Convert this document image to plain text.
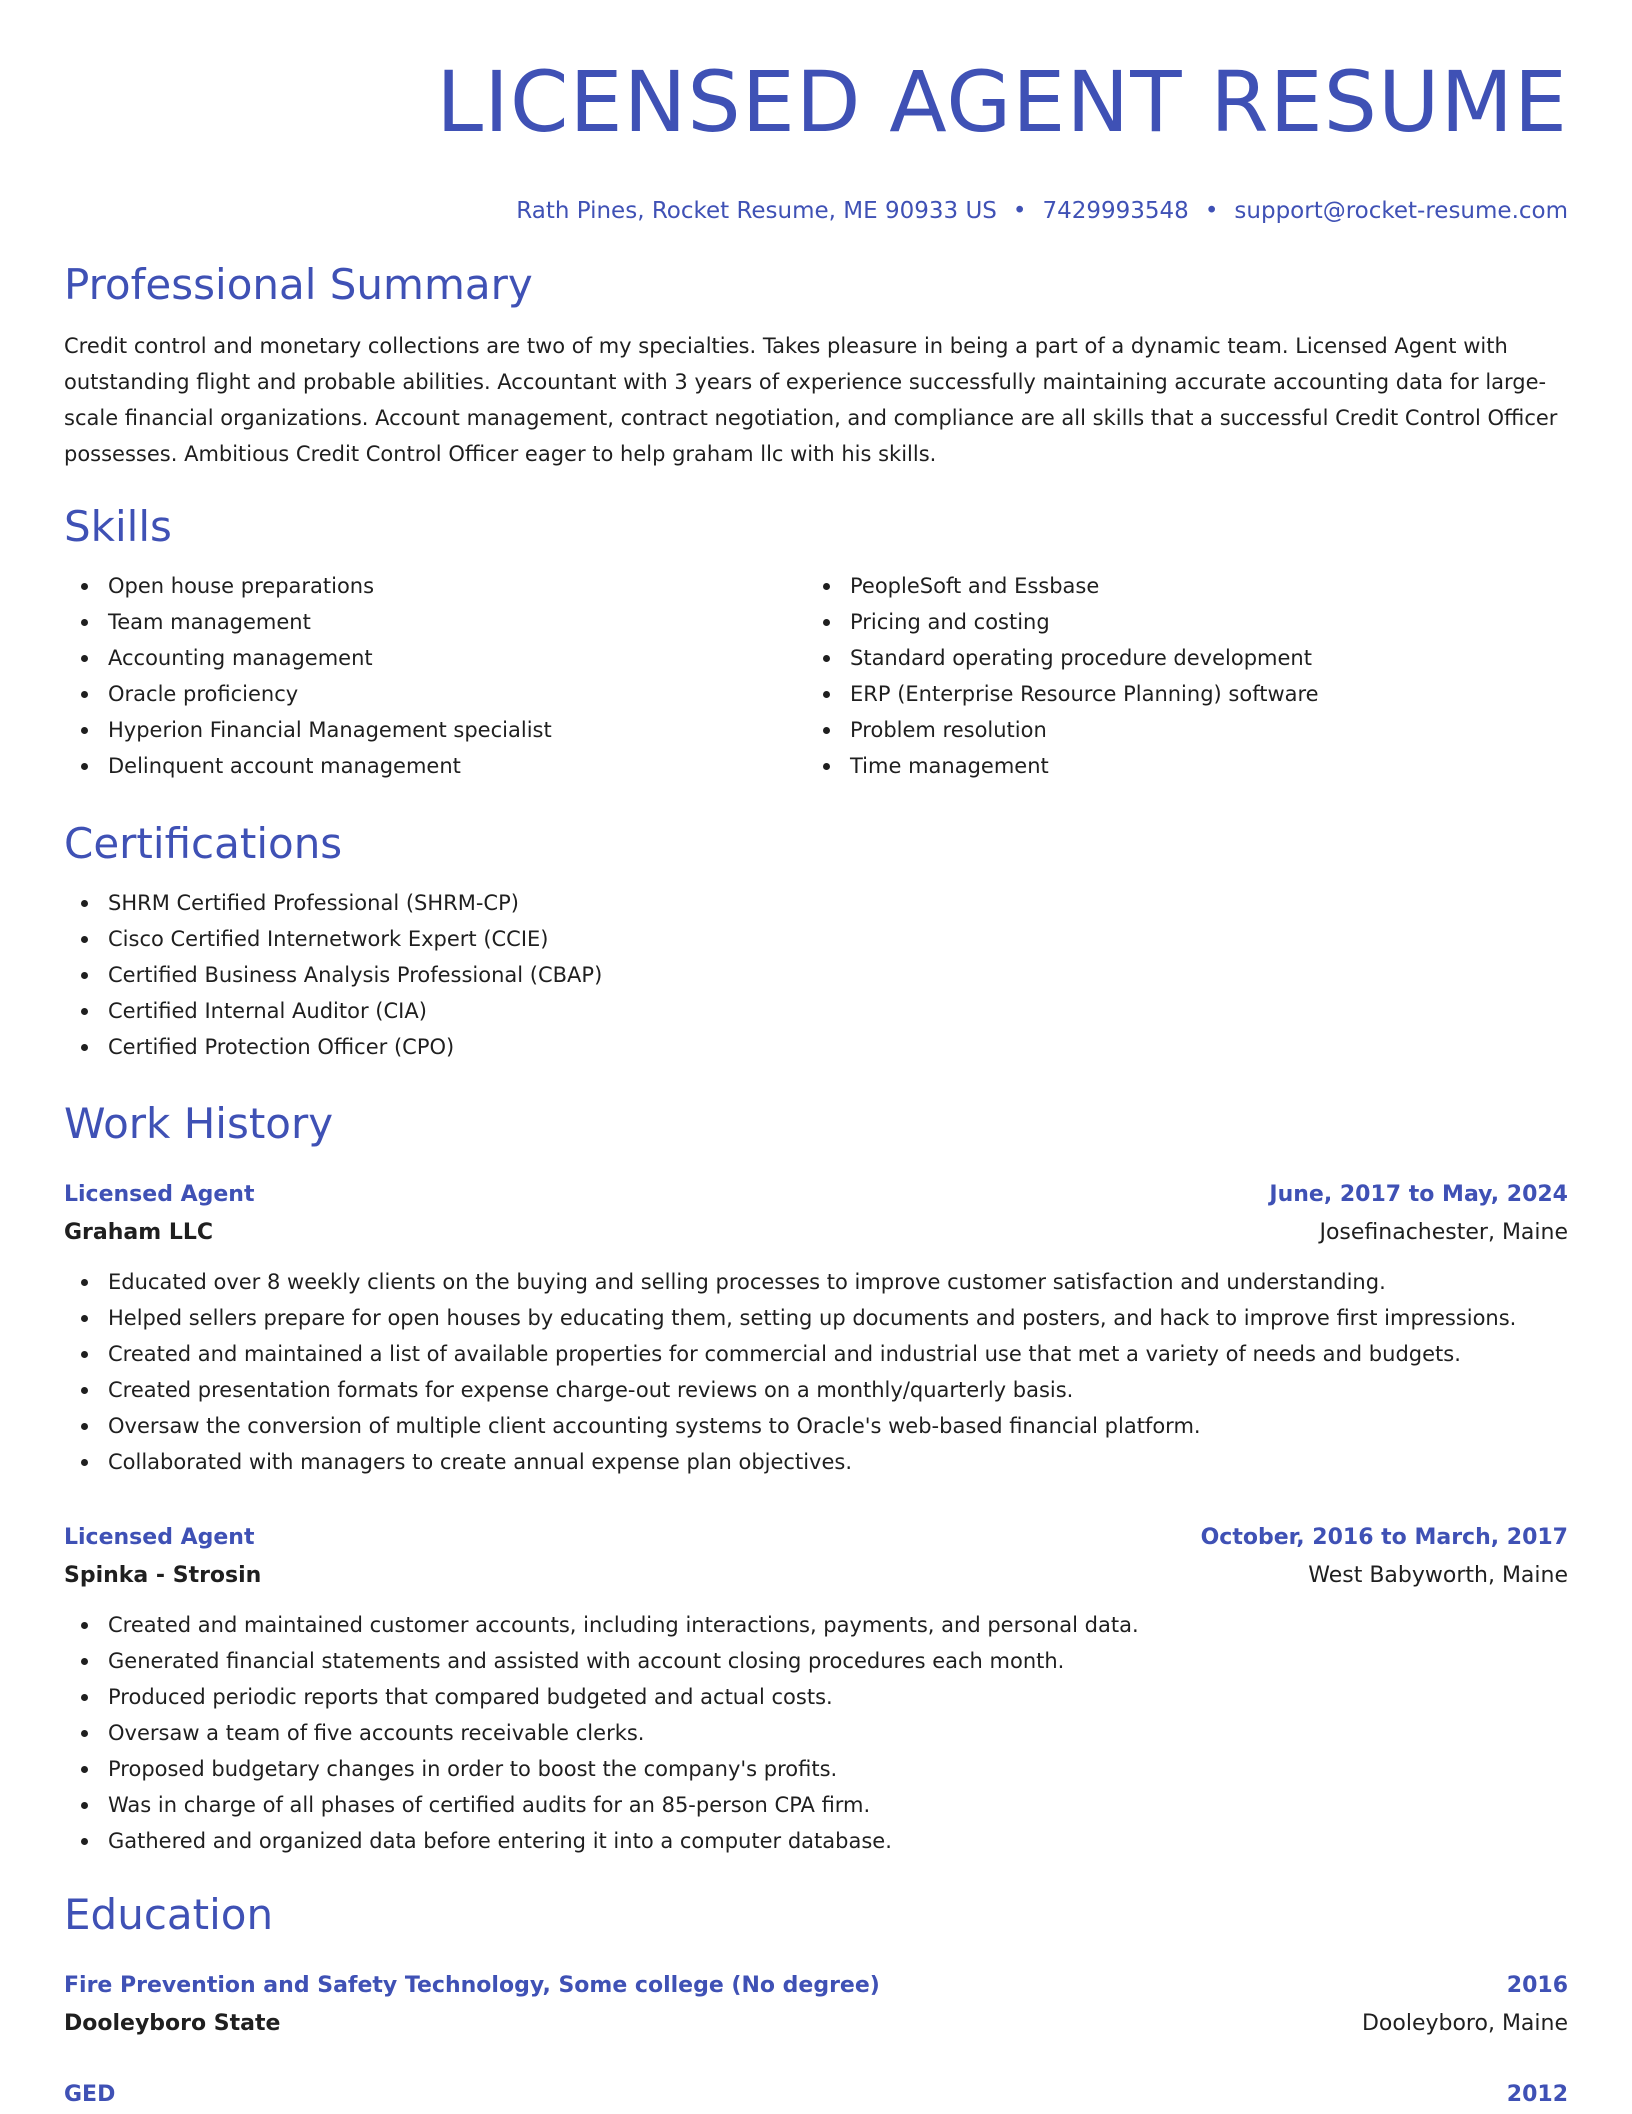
LICENSED AGENT RESUME
Rath Pines, Rocket Resume, ME 90933 US • 7429993548 • support@rocket-resume.com
Professional Summary

Credit control and monetary collections are two of my specialties. Takes pleasure in being a part of a dynamic team. Licensed Agent with outstanding flight and probable abilities. Accountant with 3 years of experience successfully maintaining accurate accounting data for large-scale financial organizations. Account management, contract negotiation, and compliance are all skills that a successful Credit Control Officer possesses. Ambitious Credit Control Officer eager to help graham llc with his skills.

Skills
Open house preparations
Team management
Accounting management
Oracle proficiency
Hyperion Financial Management specialist
Delinquent account management
PeopleSoft and Essbase
Pricing and costing
Standard operating procedure development
ERP (Enterprise Resource Planning) software
Problem resolution
Time management
Certifications
SHRM Certified Professional (SHRM-CP)
Cisco Certified Internetwork Expert (CCIE)
Certified Business Analysis Professional (CBAP)
Certified Internal Auditor (CIA)
Certified Protection Officer (CPO)
Work History
Licensed Agent	June, 2017 to May, 2024
Graham LLC	Josefinachester, Maine
Educated over 8 weekly clients on the buying and selling processes to improve customer satisfaction and understanding.
Helped sellers prepare for open houses by educating them, setting up documents and posters, and hack to improve first impressions.
Created and maintained a list of available properties for commercial and industrial use that met a variety of needs and budgets.
Created presentation formats for expense charge-out reviews on a monthly/quarterly basis.
Oversaw the conversion of multiple client accounting systems to Oracle's web-based financial platform.
Collaborated with managers to create annual expense plan objectives.
Licensed Agent	October, 2016 to March, 2017
Spinka - Strosin	West Babyworth, Maine
Created and maintained customer accounts, including interactions, payments, and personal data.
Generated financial statements and assisted with account closing procedures each month.
Produced periodic reports that compared budgeted and actual costs.
Oversaw a team of five accounts receivable clerks.
Proposed budgetary changes in order to boost the company's profits.
Was in charge of all phases of certified audits for an 85-person CPA firm.
Gathered and organized data before entering it into a computer database.
Education
Fire Prevention and Safety Technology, Some college (No degree)	2016
Dooleyboro State	Dooleyboro, Maine
GED	2012
